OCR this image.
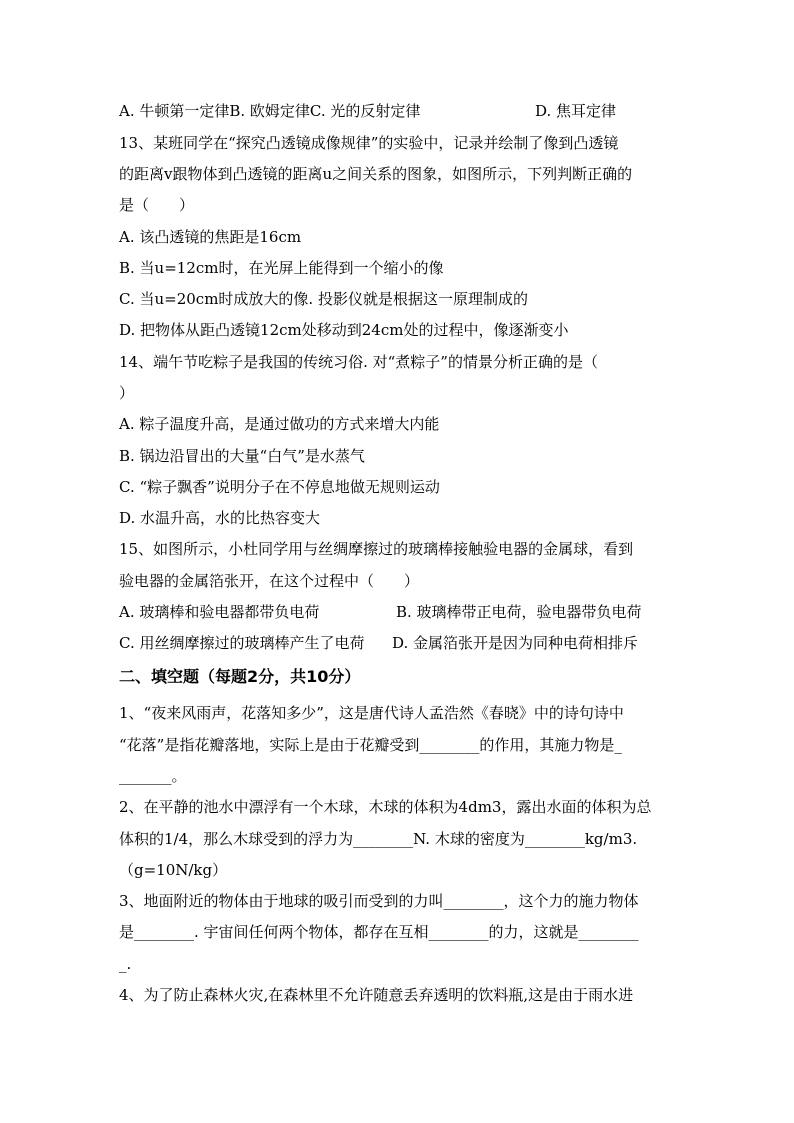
A. 牛顿第一定律B. 欧姆定律C. 光的反射定律	D. 焦耳定律
13、某班同学在“探究凸透镜成像规律”的实验中，记录并绘制了像到凸透镜
的距离v跟物体到凸透镜的距离u之间关系的图象，如图所示，下列判断正确的
是（　　）
A. 该凸透镜的焦距是16cm
B. 当u=12cm时，在光屏上能得到一个缩小的像
C. 当u=20cm时成放大的像. 投影仪就是根据这一原理制成的
D. 把物体从距凸透镜12cm处移动到24cm处的过程中，像逐渐变小
14、端午节吃粽子是我国的传统习俗. 对“煮粽子”的情景分析正确的是（
）
A. 粽子温度升高，是通过做功的方式来增大内能
B. 锅边沿冒出的大量“白气”是水蒸气
C. “粽子飘香”说明分子在不停息地做无规则运动
D. 水温升高，水的比热容变大
15、如图所示，小杜同学用与丝绸摩擦过的玻璃棒接触验电器的金属球，看到
验电器的金属箔张开，在这个过程中（　　）
A. 玻璃棒和验电器都带负电荷	B. 玻璃棒带正电荷，验电器带负电荷
C. 用丝绸摩擦过的玻璃棒产生了电荷 D. 金属箔张开是因为同种电荷相排斥
二、填空题（每题2分，共10分）
1、“夜来风雨声，花落知多少”，这是唐代诗人孟浩然《春晓》中的诗句诗中
“花落”是指花瓣落地，实际上是由于花瓣受到________的作用，其施力物是_
_______。
2、在平静的池水中漂浮有一个木球，木球的体积为4dm3，露出水面的体积为总
体积的1/4，那么木球受到的浮力为________N. 木球的密度为________kg/m3.
（g=10N/kg）
3、地面附近的物体由于地球的吸引而受到的力叫________，这个力的施力物体
是________. 宇宙间任何两个物体，都存在互相________的力，这就是________
_.
4、为了防止森林火灾,在森林里不允许随意丢弃透明的饮料瓶,这是由于雨水进
